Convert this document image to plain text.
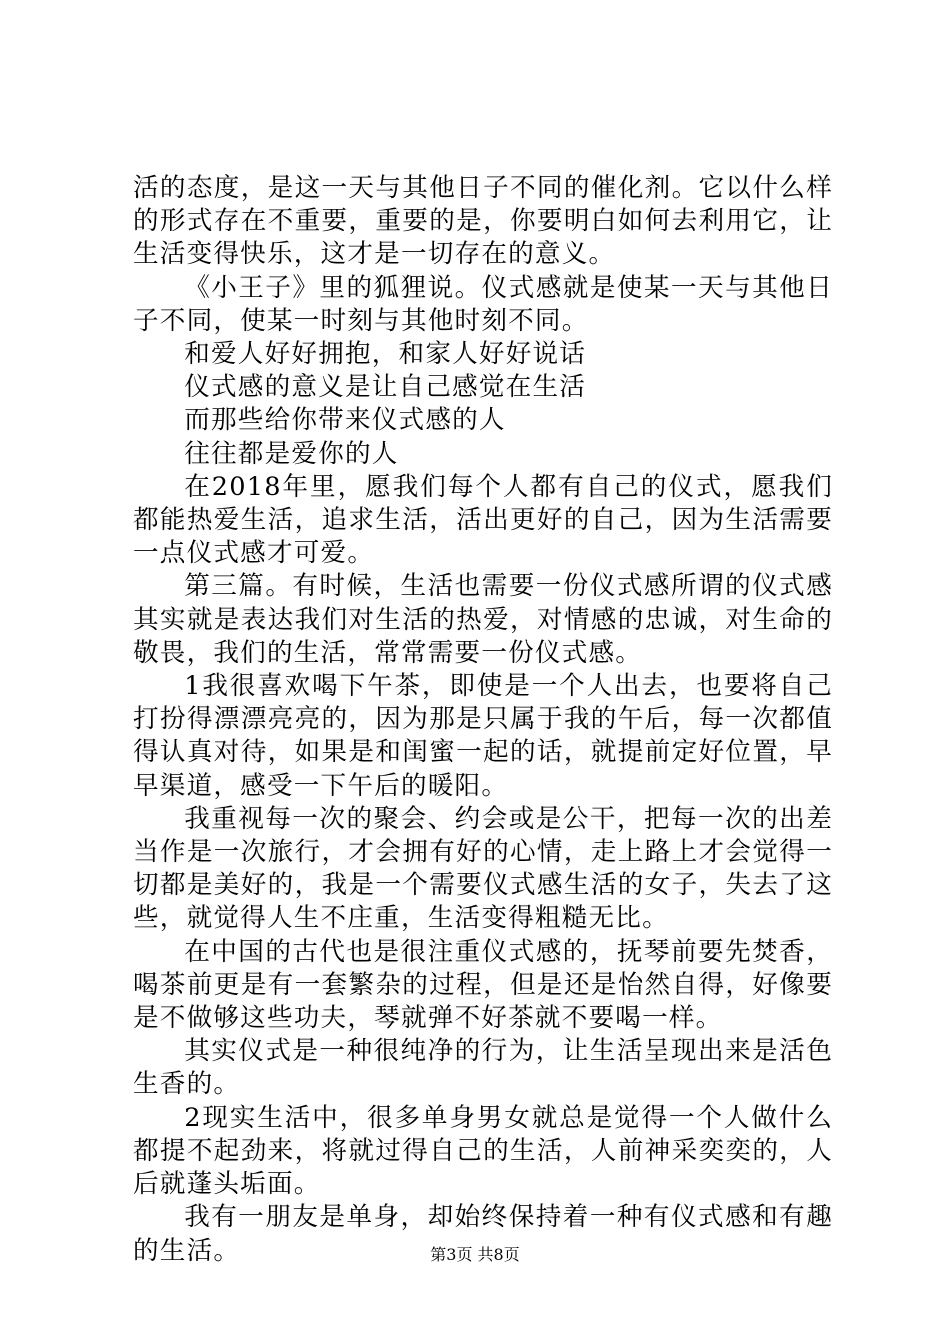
活的态度，是这一天与其他日子不同的催化剂。它以什么样的形式存在不重要，重要的是，你要明白如何去利用它，让生活变得快乐，这才是一切存在的意义。

《小王子》里的狐狸说。仪式感就是使某一天与其他日子不同，使某一时刻与其他时刻不同。

和爱人好好拥抱，和家人好好说话

仪式感的意义是让自己感觉在生活

而那些给你带来仪式感的人

往往都是爱你的人

在2018年里，愿我们每个人都有自己的仪式，愿我们都能热爱生活，追求生活，活出更好的自己，因为生活需要一点仪式感才可爱。

第三篇。有时候，生活也需要一份仪式感所谓的仪式感其实就是表达我们对生活的热爱，对情感的忠诚，对生命的敬畏，我们的生活，常常需要一份仪式感。

1我很喜欢喝下午茶，即使是一个人出去，也要将自己打扮得漂漂亮亮的，因为那是只属于我的午后，每一次都值得认真对待，如果是和闺蜜一起的话，就提前定好位置，早早渠道，感受一下午后的暖阳。

我重视每一次的聚会、约会或是公干，把每一次的出差当作是一次旅行，才会拥有好的心情，走上路上才会觉得一切都是美好的，我是一个需要仪式感生活的女子，失去了这些，就觉得人生不庄重，生活变得粗糙无比。

在中国的古代也是很注重仪式感的，抚琴前要先焚香，喝茶前更是有一套繁杂的过程，但是还是怡然自得，好像要是不做够这些功夫，琴就弹不好茶就不要喝一样。

其实仪式是一种很纯净的行为，让生活呈现出来是活色生香的。

2现实生活中，很多单身男女就总是觉得一个人做什么都提不起劲来，将就过得自己的生活，人前神采奕奕的，人后就蓬头垢面。

我有一朋友是单身，却始终保持着一种有仪式感和有趣的生活。	第3页 共8页
